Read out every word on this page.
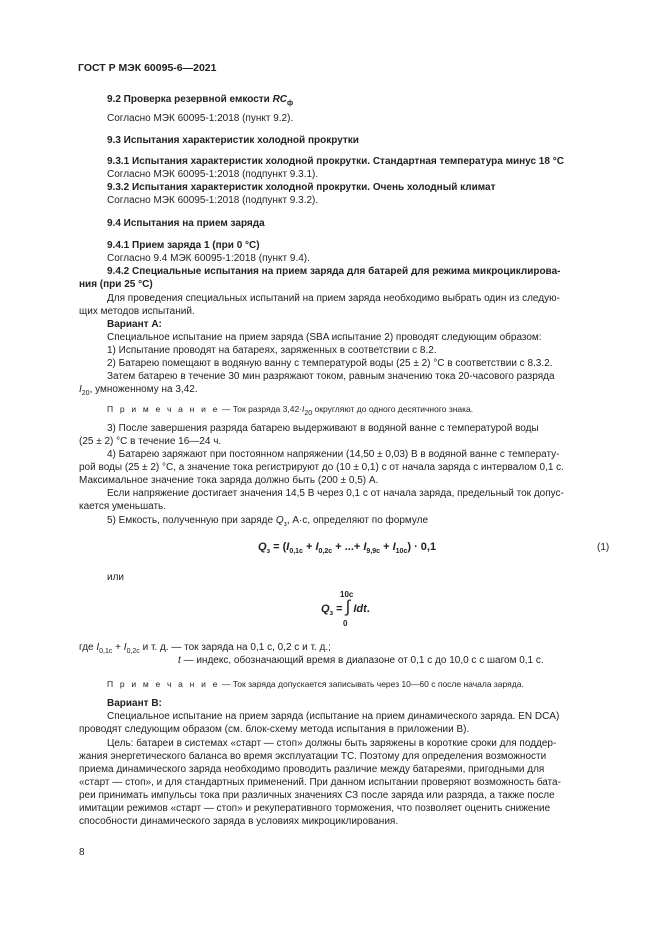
ГОСТ Р МЭК 60095-6—2021
9.2 Проверка резервной емкости $RC_ф$
Согласно МЭК 60095-1:2018 (пункт 9.2).
9.3 Испытания характеристик холодной прокрутки
9.3.1 Испытания характеристик холодной прокрутки. Стандартная температура минус 18 °С
Согласно МЭК 60095-1:2018 (подпункт 9.3.1).
9.3.2 Испытания характеристик холодной прокрутки. Очень холодный климат
Согласно МЭК 60095-1:2018 (подпункт 9.3.2).
9.4 Испытания на прием заряда
9.4.1 Прием заряда 1 (при 0 °С)
Согласно 9.4 МЭК 60095-1:2018 (пункт 9.4).
9.4.2 Специальные испытания на прием заряда для батарей для режима микроциклирова-
ния (при 25 °С)
Для проведения специальных испытаний на прием заряда необходимо выбрать один из следую-
щих методов испытаний.
Вариант А:
Специальное испытание на прием заряда (SBA испытание 2) проводят следующим образом:
1) Испытание проводят на батареях, заряженных в соответствии с 8.2.
2) Батарею помещают в водяную ванну с температурой воды (25 ± 2) °С в соответствии с 8.3.2.
Затем батарею в течение 30 мин разряжают током, равным значению тока 20-часового разряда
$I_{20}$, умноженному на 3,42.
П р и м е ч а н и е — Ток разряда $3,42\cdot I_{20}$ округляют до одного десятичного знака.
3) После завершения разряда батарею выдерживают в водяной ванне с температурой воды
(25 ± 2) °С в течение 16—24 ч.
4) Батарею заряжают при постоянном напряжении (14,50 ± 0,03) В в водяной ванне с температу-
рой воды (25 ± 2) °С, а значение тока регистрируют до (10 ± 0,1) с от начала заряда с интервалом 0,1 с.
Максимальное значение тока заряда должно быть (200 ± 0,5) А.
Если напряжение достигает значения 14,5 В через 0,1 с от начала заряда, предельный ток допус-
кается уменьшать.
5) Емкость, полученную при заряде $Q_з$, А·с, определяют по формуле
$Q_з = (I_{0,1с} + I_{0,2с}$ + ...+ $I_{9,9с} + I_{10с}) \cdot 0,1$	(1)
или
10с
$Q_з$ = ∫ Idt.
0
где $I_{0,1с} + I_{0,2с}$ и т. д. — ток заряда на 0,1 с, 0,2 с и т. д.;
t — индекс, обозначающий время в диапазоне от 0,1 с до 10,0 с с шагом 0,1 с.
П р и м е ч а н и е — Ток заряда допускается записывать через 10—60 с после начала заряда.
Вариант В:
Специальное испытание на прием заряда (испытание на прием динамического заряда. EN DCA)
проводят следующим образом (см. блок-схему метода испытания в приложении В).
Цель: батареи в системах «старт — стоп» должны быть заряжены в короткие сроки для поддер-
жания энергетического баланса во время эксплуатации ТС. Поэтому для определения возможности
приема динамического заряда необходимо проводить различие между батареями, пригодными для
«старт — стоп», и для стандартных применений. При данном испытании проверяют возможность бата-
реи принимать импульсы тока при различных значениях СЗ после заряда или разряда, а также после
имитации режимов «старт — стоп» и рекуперативного торможения, что позволяет оценить снижение
способности динамического заряда в условиях микроциклирования.
8
